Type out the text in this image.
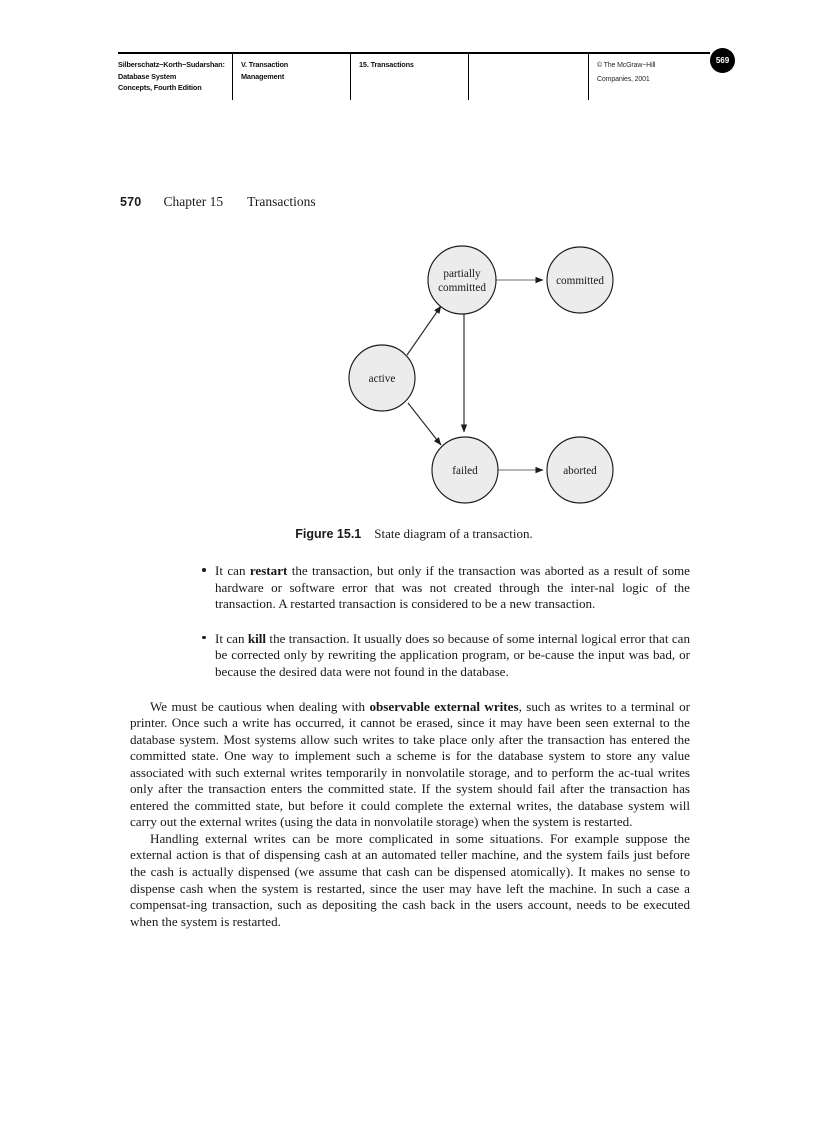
Silberschatz−Korth−Sudarshan:
Database System
Concepts, Fourth Edition
V. Transaction
Management
15. Transactions	© The McGraw−Hill
Companies, 2001
569
570 Chapter 15 Transactions
active
partially
committed
committed
failed	aborted
Figure 15.1 State diagram of a transaction.
It can restart the transaction, but only if the transaction was aborted as a result of some hardware or software error that was not created through the inter-nal logic of the transaction. A restarted transaction is considered to be a new transaction.
It can kill the transaction. It usually does so because of some internal logical error that can be corrected only by rewriting the application program, or be-cause the input was bad, or because the desired data were not found in the database.

We must be cautious when dealing with observable external writes, such as writes to a terminal or printer. Once such a write has occurred, it cannot be erased, since it may have been seen external to the database system. Most systems allow such writes to take place only after the transaction has entered the committed state. One way to implement such a scheme is for the database system to store any value associated with such external writes temporarily in nonvolatile storage, and to perform the ac-tual writes only after the transaction enters the committed state. If the system should fail after the transaction has entered the committed state, but before it could complete the external writes, the database system will carry out the external writes (using the data in nonvolatile storage) when the system is restarted.

Handling external writes can be more complicated in some situations. For example suppose the external action is that of dispensing cash at an automated teller machine, and the system fails just before the cash is actually dispensed (we assume that cash can be dispensed atomically). It makes no sense to dispense cash when the system is restarted, since the user may have left the machine. In such a case a compensat-ing transaction, such as depositing the cash back in the users account, needs to be executed when the system is restarted.
